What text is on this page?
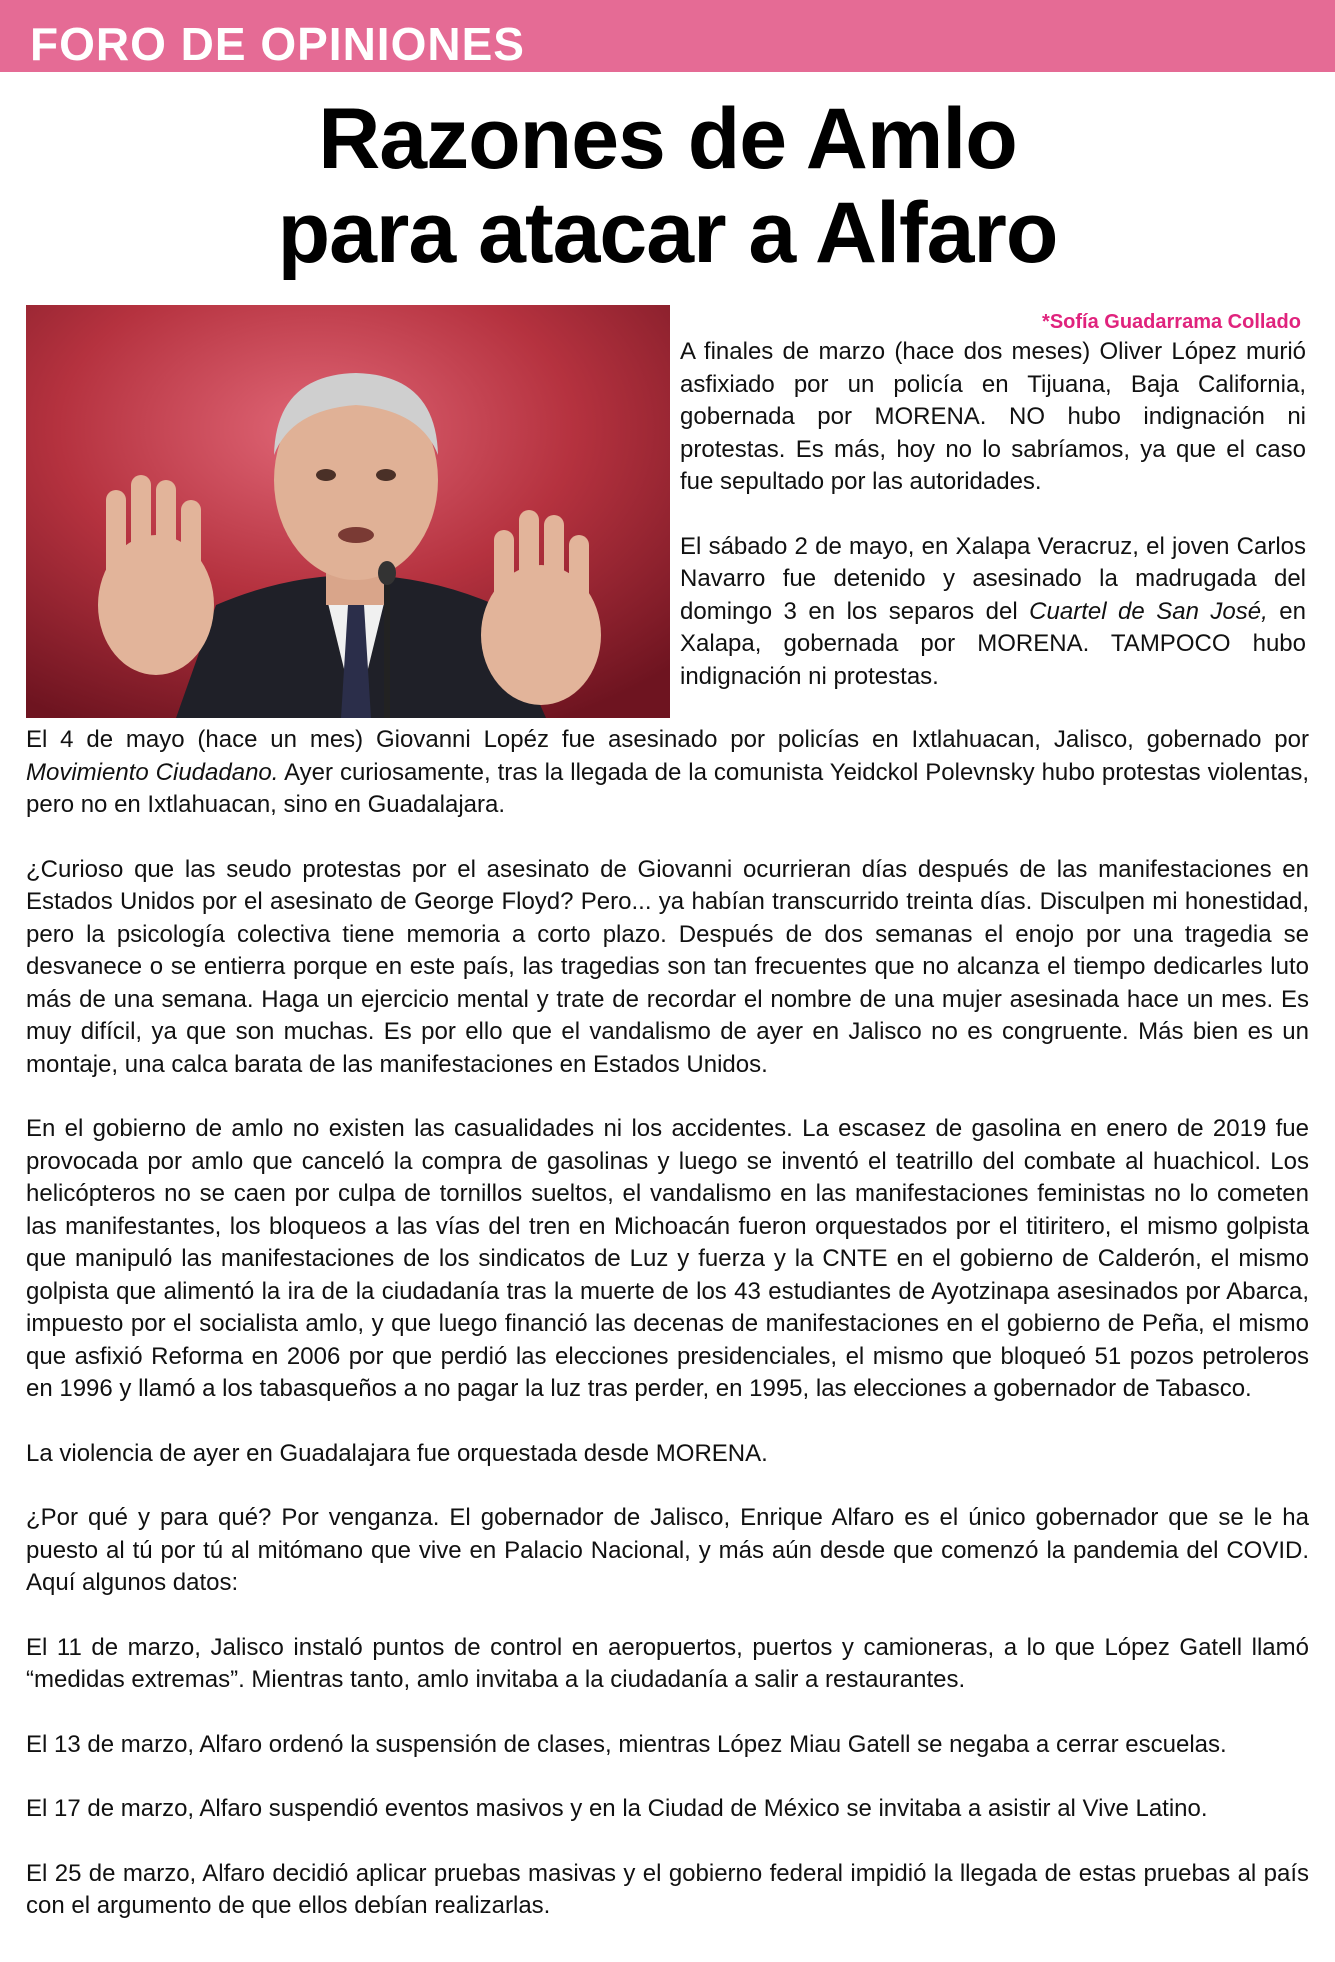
FORO DE OPINIONES
Razones de Amlo
para atacar a Alfaro
*Sofía Guadarrama Collado

A finales de marzo (hace dos meses) Oliver López murió asfixiado por un policía en Tijuana, Baja California, gobernada por MORENA. NO hubo indignación ni protestas. Es más, hoy no lo sabríamos, ya que el caso fue sepultado por las autoridades.

El sábado 2 de mayo, en Xalapa Veracruz, el joven Carlos Navarro fue detenido y asesinado la madrugada del domingo 3 en los separos del Cuartel de San José, en Xalapa, gobernada por MORENA. TAMPOCO hubo indignación ni protestas.

El 4 de mayo (hace un mes) Giovanni Lopéz fue asesinado por policías en Ixtlahuacan, Jalisco, gobernado por Movimiento Ciudadano. Ayer curiosamente, tras la llegada de la comunista Yeidckol Polevnsky hubo protestas violentas, pero no en Ixtlahuacan, sino en Guadalajara.

¿Curioso que las seudo protestas por el asesinato de Giovanni ocurrieran días después de las manifestaciones en Estados Unidos por el asesinato de George Floyd? Pero... ya habían transcurrido treinta días. Disculpen mi honestidad, pero la psicología colectiva tiene memoria a corto plazo. Después de dos semanas el enojo por una tragedia se desvanece o se entierra porque en este país, las tragedias son tan frecuentes que no alcanza el tiempo dedicarles luto más de una semana. Haga un ejercicio mental y trate de recordar el nombre de una mujer asesinada hace un mes. Es muy difícil, ya que son muchas. Es por ello que el vandalismo de ayer en Jalisco no es congruente. Más bien es un montaje, una calca barata de las manifestaciones en Estados Unidos.

En el gobierno de amlo no existen las casualidades ni los accidentes. La escasez de gasolina en enero de 2019 fue provocada por amlo que canceló la compra de gasolinas y luego se inventó el teatrillo del combate al huachicol. Los helicópteros no se caen por culpa de tornillos sueltos, el vandalismo en las manifestaciones feministas no lo cometen las manifestantes, los bloqueos a las vías del tren en Michoacán fueron orquestados por el titiritero, el mismo golpista que manipuló las manifestaciones de los sindicatos de Luz y fuerza y la CNTE en el gobierno de Calderón, el mismo golpista que alimentó la ira de la ciudadanía tras la muerte de los 43 estudiantes de Ayotzinapa asesinados por Abarca, impuesto por el socialista amlo, y que luego financió las decenas de manifestaciones en el gobierno de Peña, el mismo que asfixió Reforma en 2006 por que perdió las elecciones presidenciales, el mismo que bloqueó 51 pozos petroleros en 1996 y llamó a los tabasqueños a no pagar la luz tras perder, en 1995, las elecciones a gobernador de Tabasco.

La violencia de ayer en Guadalajara fue orquestada desde MORENA.

¿Por qué y para qué? Por venganza. El gobernador de Jalisco, Enrique Alfaro es el único gobernador que se le ha puesto al tú por tú al mitómano que vive en Palacio Nacional, y más aún desde que comenzó la pandemia del COVID. Aquí algunos datos:

El 11 de marzo, Jalisco instaló puntos de control en aeropuertos, puertos y camioneras, a lo que López Gatell llamó “medidas extremas”. Mientras tanto, amlo invitaba a la ciudadanía a salir a restaurantes.

El 13 de marzo, Alfaro ordenó la suspensión de clases, mientras López Miau Gatell se negaba a cerrar escuelas.

El 17 de marzo, Alfaro suspendió eventos masivos y en la Ciudad de México se invitaba a asistir al Vive Latino.

El 25 de marzo, Alfaro decidió aplicar pruebas masivas y el gobierno federal impidió la llegada de estas pruebas al país con el argumento de que ellos debían realizarlas.
